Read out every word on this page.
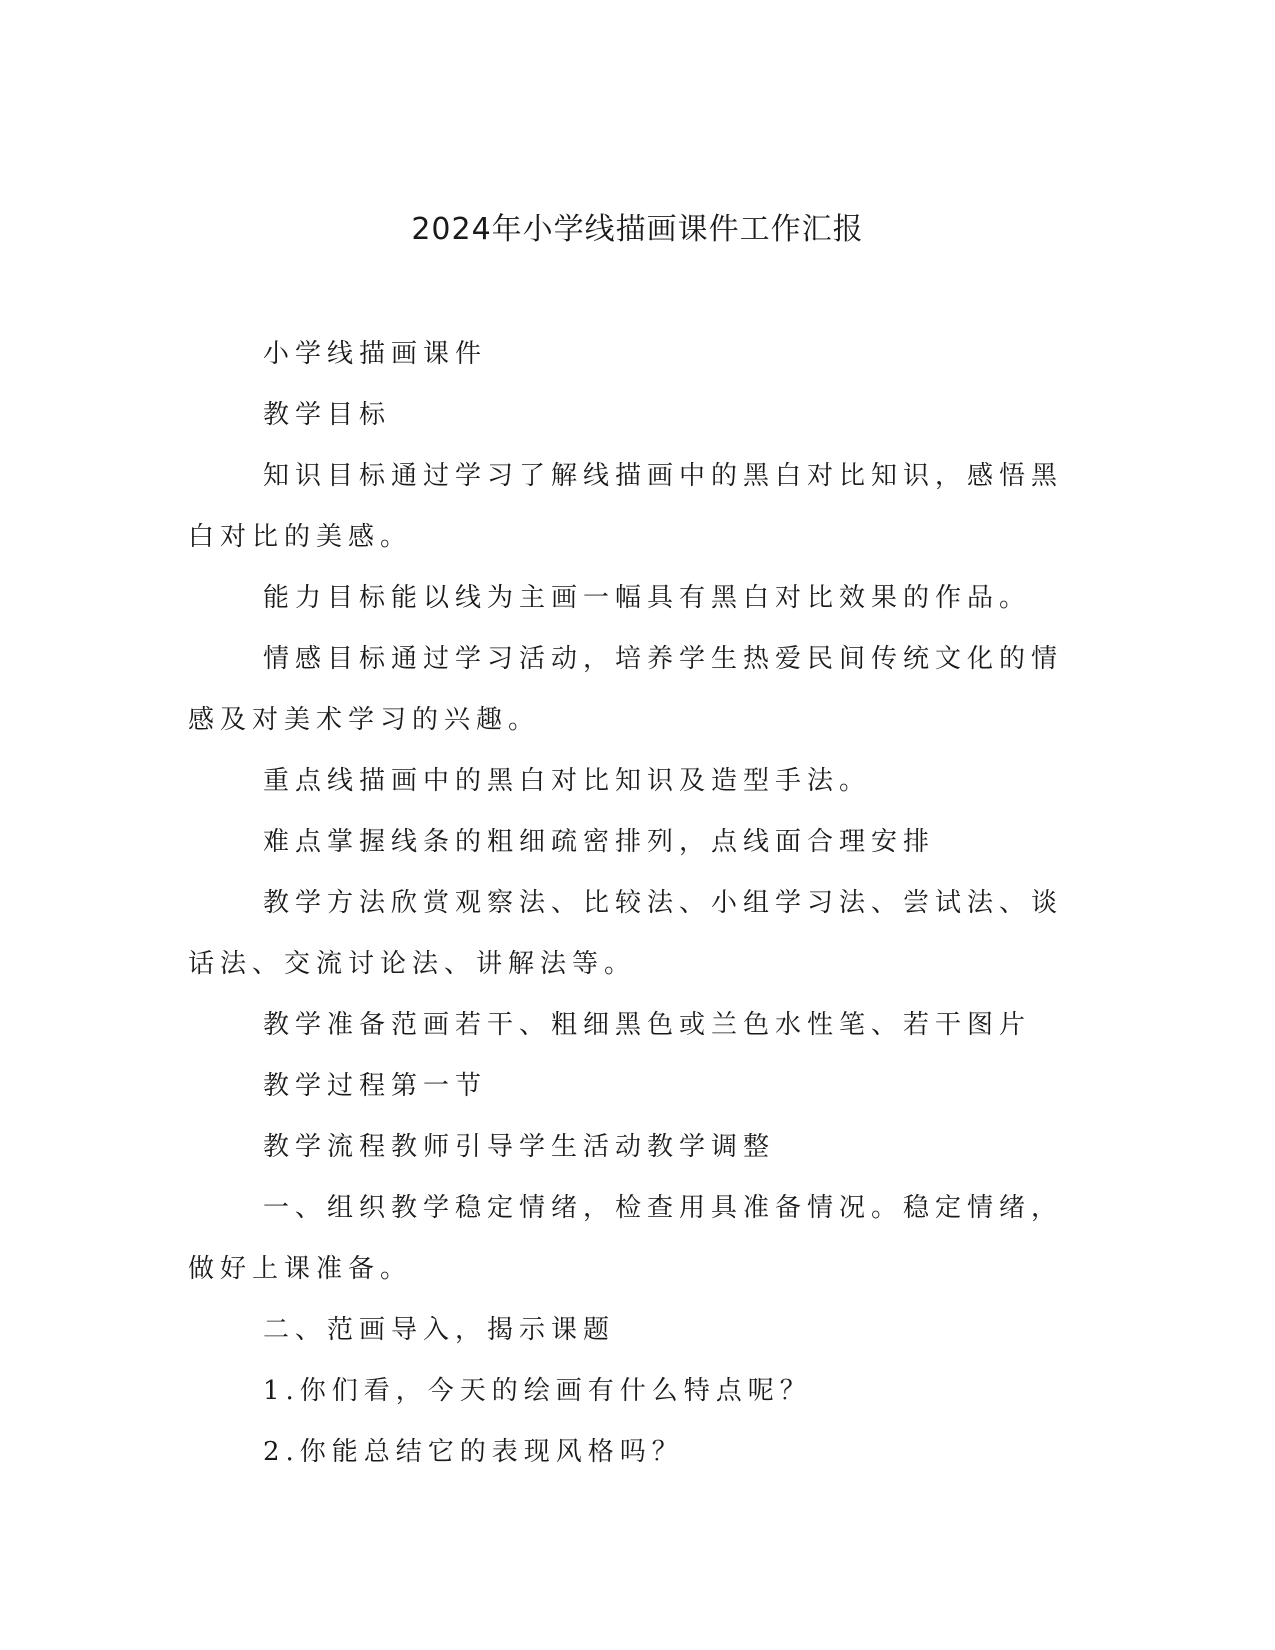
2024年小学线描画课件工作汇报

小学线描画课件

教学目标

知识目标通过学习了解线描画中的黑白对比知识，感悟黑白对比的美感。

能力目标能以线为主画一幅具有黑白对比效果的作品。

情感目标通过学习活动，培养学生热爱民间传统文化的情感及对美术学习的兴趣。

重点线描画中的黑白对比知识及造型手法。

难点掌握线条的粗细疏密排列，点线面合理安排

教学方法欣赏观察法、比较法、小组学习法、尝试法、谈话法、交流讨论法、讲解法等。

教学准备范画若干、粗细黑色或兰色水性笔、若干图片

教学过程第一节

教学流程教师引导学生活动教学调整

一、组织教学稳定情绪，检查用具准备情况。稳定情绪，做好上课准备。

二、范画导入，揭示课题

1.你们看，今天的绘画有什么特点呢？

2.你能总结它的表现风格吗？
